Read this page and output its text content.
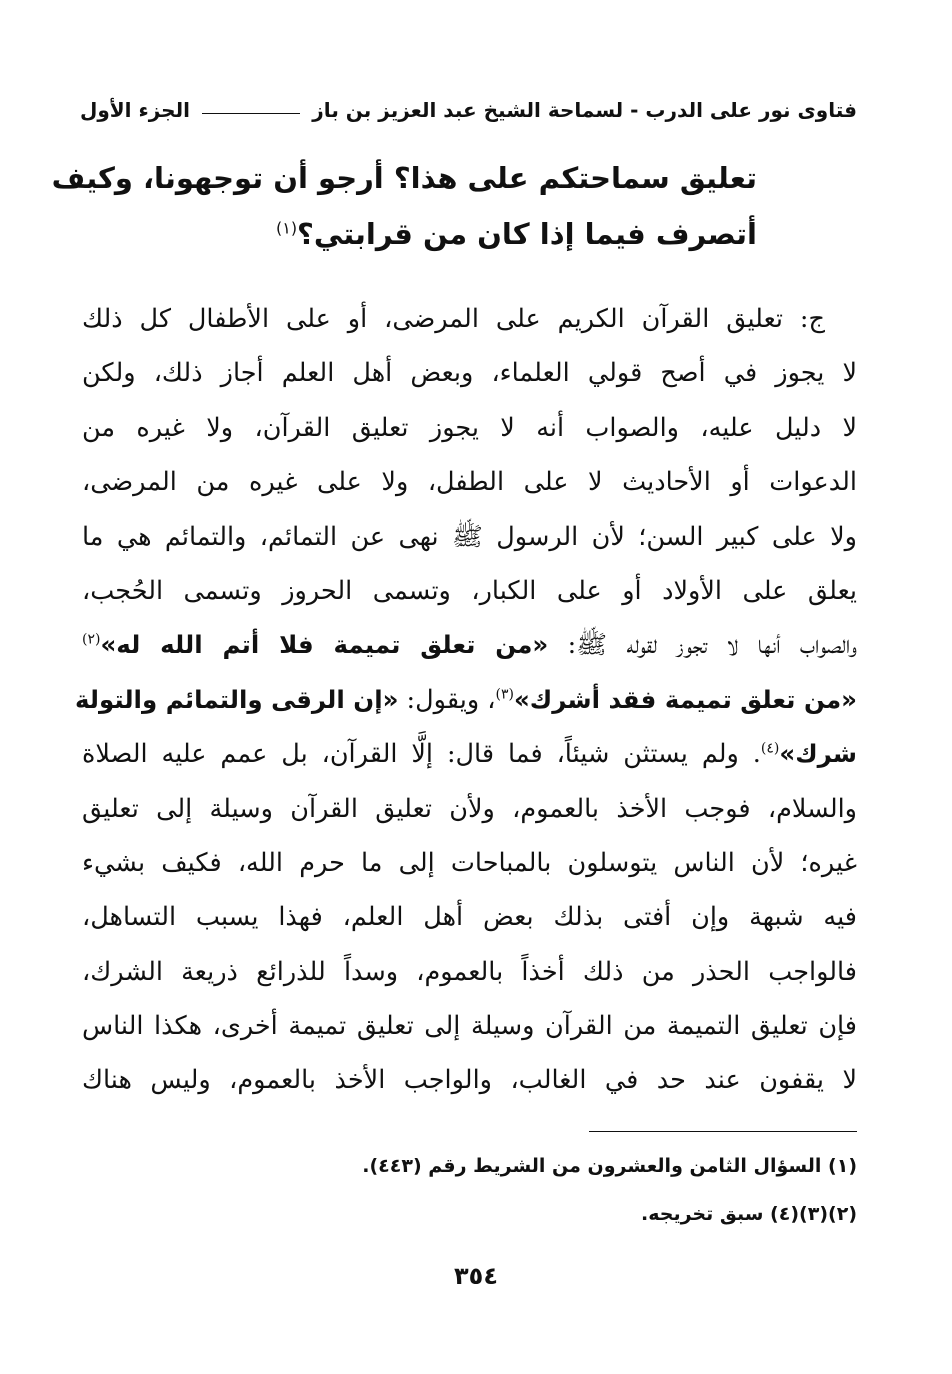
فتاوى نور على الدرب - لسماحة الشيخ عبد العزيز بن باز
الجزء الأول
تعليق سماحتكم على هذا؟ أرجو أن توجهونا، وكيف
أتصرف فيما إذا كان من قرابتي؟$^{(١)}$
ج: تعليق القرآن الكريم على المرضى، أو على الأطفال كل ذلك
لا يجوز في أصح قولي العلماء، وبعض أهل العلم أجاز ذلك، ولكن
لا دليل عليه، والصواب أنه لا يجوز تعليق القرآن، ولا غيره من
الدعوات أو الأحاديث لا على الطفل، ولا على غيره من المرضى،
ولا على كبير السن؛ لأن الرسول ﷺ نهى عن التمائم، والتمائم هي ما
يعلق على الأولاد أو على الكبار، وتسمى الحروز وتسمى الحُجب،
والصواب أنها لا تجوز لقوله ﷺ: «من تعلق تميمة فلا أتم الله له»$^{(٢)}$
«من تعلق تميمة فقد أشرك»$^{(٣)}$، ويقول: «إن الرقى والتمائم والتولة
شرك»$^{(٤)}$. ولم يستثن شيئاً، فما قال: إلَّا القرآن، بل عمم عليه الصلاة
والسلام، فوجب الأخذ بالعموم، ولأن تعليق القرآن وسيلة إلى تعليق
غيره؛ لأن الناس يتوسلون بالمباحات إلى ما حرم الله، فكيف بشيء
فيه شبهة وإن أفتى بذلك بعض أهل العلم، فهذا يسبب التساهل،
فالواجب الحذر من ذلك أخذاً بالعموم، وسداً للذرائع ذريعة الشرك،
فإن تعليق التميمة من القرآن وسيلة إلى تعليق تميمة أخرى، هكذا الناس
لا يقفون عند حد في الغالب، والواجب الأخذ بالعموم، وليس هناك
(١) السؤال الثامن والعشرون من الشريط رقم (٤٤٣).
(٢)(٣)(٤) سبق تخريجه.
٣٥٤
